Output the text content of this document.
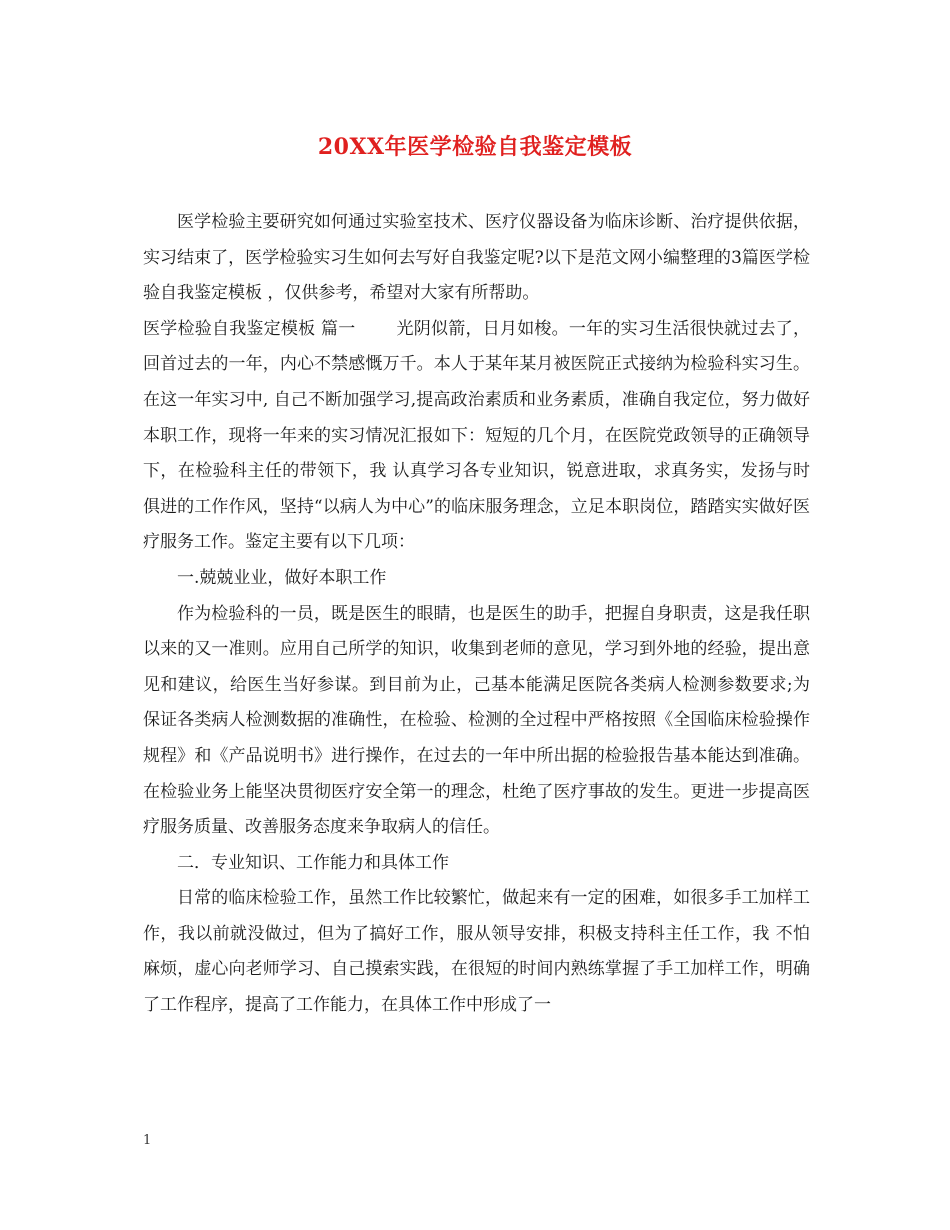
20XX年医学检验自我鉴定模板

医学检验主要研究如何通过实验室技术、医疗仪器设备为临床诊断、治疗提供依据，实习结束了，医学检验实习生如何去写好自我鉴定呢?以下是范文网小编整理的3篇医学检验自我鉴定模板 ，仅供参考，希望对大家有所帮助。

医学检验自我鉴定模板 篇一 光阴似箭，日月如梭。一年的实习生活很快就过去了，回首过去的一年，内心不禁感慨万千。本人于某年某月被医院正式接纳为检验科实习生。在这一年实习中, 自己不断加强学习,提高政治素质和业务素质，准确自我定位，努力做好本职工作，现将一年来的实习情况汇报如下：短短的几个月，在医院党政领导的正确领导下，在检验科主任的带领下，我 认真学习各专业知识，锐意进取，求真务实，发扬与时俱进的工作作风，坚持“以病人为中心”的临床服务理念，立足本职岗位，踏踏实实做好医疗服务工作。鉴定主要有以下几项：

一.兢兢业业，做好本职工作

作为检验科的一员，既是医生的眼睛，也是医生的助手，把握自身职责，这是我任职以来的又一准则。应用自己所学的知识，收集到老师的意见，学习到外地的经验，提出意见和建议，给医生当好参谋。到目前为止，己基本能满足医院各类病人检测参数要求;为保证各类病人检测数据的准确性，在检验、检测的全过程中严格按照《全国临床检验操作规程》和《产品说明书》进行操作，在过去的一年中所出据的检验报告基本能达到准确。在检验业务上能坚决贯彻医疗安全第一的理念，杜绝了医疗事故的发生。更进一步提高医疗服务质量、改善服务态度来争取病人的信任。

二．专业知识、工作能力和具体工作

日常的临床检验工作，虽然工作比较繁忙，做起来有一定的困难，如很多手工加样工作，我以前就没做过，但为了搞好工作，服从领导安排，积极支持科主任工作，我 不怕麻烦，虚心向老师学习、自己摸索实践，在很短的时间内熟练掌握了手工加样工作，明确了工作程序，提高了工作能力，在具体工作中形成了一

1
